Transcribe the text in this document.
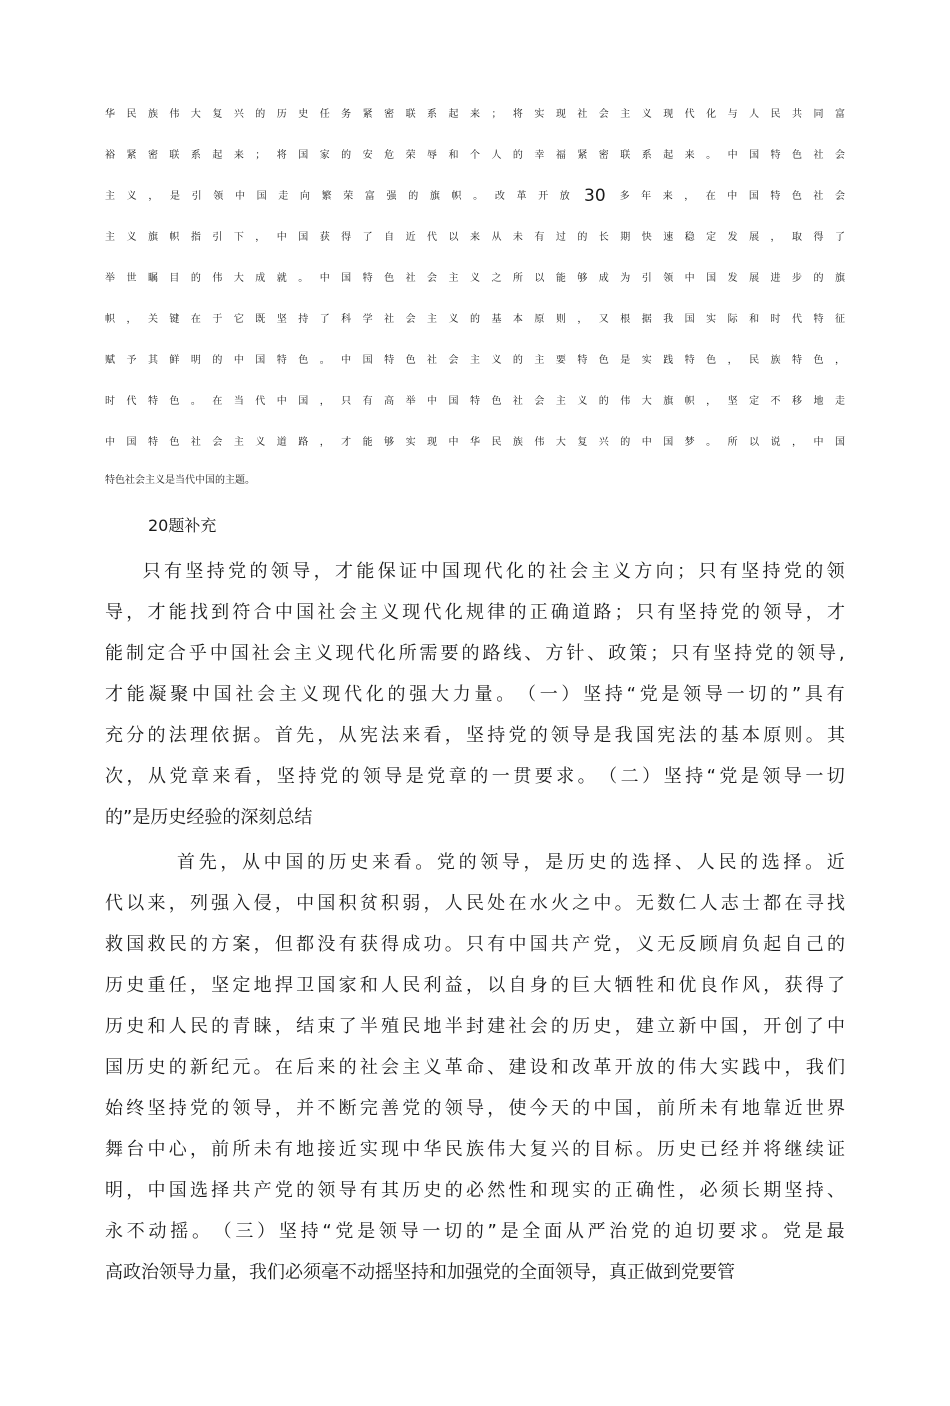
华 民 族 伟 大 复 兴 的 历 史 任 务 紧 密 联 系 起 来 ； 将 实 现 社 会 主 义 现 代 化 与 人 民 共 同 富
裕 紧 密 联 系 起 来 ； 将 国 家 的 安 危 荣 辱 和 个 人 的 幸 福 紧 密 联 系 起 来 。 中 国 特 色 社 会
主 义 ， 是 引 领 中 国 走 向 繁 荣 富 强 的 旗 帜 。 改 革 开 放 30 多 年 来 ， 在 中 国 特 色 社 会
主 义 旗 帜 指 引 下 ， 中 国 获 得 了 自 近 代 以 来 从 未 有 过 的 长 期 快 速 稳 定 发 展 ， 取 得 了
举 世 瞩 目 的 伟 大 成 就 。 中 国 特 色 社 会 主 义 之 所 以 能 够 成 为 引 领 中 国 发 展 进 步 的 旗
帜 ， 关 键 在 于 它 既 坚 持 了 科 学 社 会 主 义 的 基 本 原 则 ， 又 根 据 我 国 实 际 和 时 代 特 征
赋 予 其 鲜 明 的 中 国 特 色 。 中 国 特 色 社 会 主 义 的 主 要 特 色 是 实 践 特 色 ， 民 族 特 色 ，
时 代 特 色 。 在 当 代 中 国 ， 只 有 高 举 中 国 特 色 社 会 主 义 的 伟 大 旗 帜 ， 坚 定 不 移 地 走
中 国 特 色 社 会 主 义 道 路 ， 才 能 够 实 现 中 华 民 族 伟 大 复 兴 的 中 国 梦 。 所 以 说 ， 中 国
特色社会主义是当代中国的主题。
20题补充
只 有 坚 持 党 的 领 导 ， 才 能 保 证 中 国 现 代 化 的 社 会 主 义 方 向 ； 只 有 坚 持 党 的 领
导 ， 才 能 找 到 符 合 中 国 社 会 主 义 现 代 化 规 律 的 正 确 道 路 ； 只 有 坚 持 党 的 领 导 ， 才
能 制 定 合 乎 中 国 社 会 主 义 现 代 化 所 需 要 的 路 线 、 方 针 、 政 策 ； 只 有 坚 持 党 的 领 导 ,
才 能 凝 聚 中 国 社 会 主 义 现 代 化 的 强 大 力 量 。 （ 一 ） 坚 持 “ 党 是 领 导 一 切 的 ” 具 有
充 分 的 法 理 依 据 。 首 先 ， 从 宪 法 来 看 ， 坚 持 党 的 领 导 是 我 国 宪 法 的 基 本 原 则 。 其
次 ， 从 党 章 来 看 ， 坚 持 党 的 领 导 是 党 章 的 一 贯 要 求 。 （ 二 ） 坚 持 “ 党 是 领 导 一 切
的”是历史经验的深刻总结
首 先 ， 从 中 国 的 历 史 来 看 。 党 的 领 导 ， 是 历 史 的 选 择 、 人 民 的 选 择 。 近
代 以 来 ， 列 强 入 侵 ， 中 国 积 贫 积 弱 ， 人 民 处 在 水 火 之 中 。 无 数 仁 人 志 士 都 在 寻 找
救 国 救 民 的 方 案 ， 但 都 没 有 获 得 成 功 。 只 有 中 国 共 产 党 ， 义 无 反 顾 肩 负 起 自 己 的
历 史 重 任 ， 坚 定 地 捍 卫 国 家 和 人 民 利 益 ， 以 自 身 的 巨 大 牺 牲 和 优 良 作 风 ， 获 得 了
历 史 和 人 民 的 青 睐 ， 结 束 了 半 殖 民 地 半 封 建 社 会 的 历 史 ， 建 立 新 中 国 ， 开 创 了 中
国 历 史 的 新 纪 元 。 在 后 来 的 社 会 主 义 革 命 、 建 设 和 改 革 开 放 的 伟 大 实 践 中 ， 我 们
始 终 坚 持 党 的 领 导 ， 并 不 断 完 善 党 的 领 导 ， 使 今 天 的 中 国 ， 前 所 未 有 地 靠 近 世 界
舞 台 中 心 ， 前 所 未 有 地 接 近 实 现 中 华 民 族 伟 大 复 兴 的 目 标 。 历 史 已 经 并 将 继 续 证
明 ， 中 国 选 择 共 产 党 的 领 导 有 其 历 史 的 必 然 性 和 现 实 的 正 确 性 ， 必 须 长 期 坚 持 、
永 不 动 摇 。 （ 三 ） 坚 持 “ 党 是 领 导 一 切 的 ” 是 全 面 从 严 治 党 的 迫 切 要 求 。 党 是 最
高政治领导力量，我们必须毫不动摇坚持和加强党的全面领导，真正做到党要管
